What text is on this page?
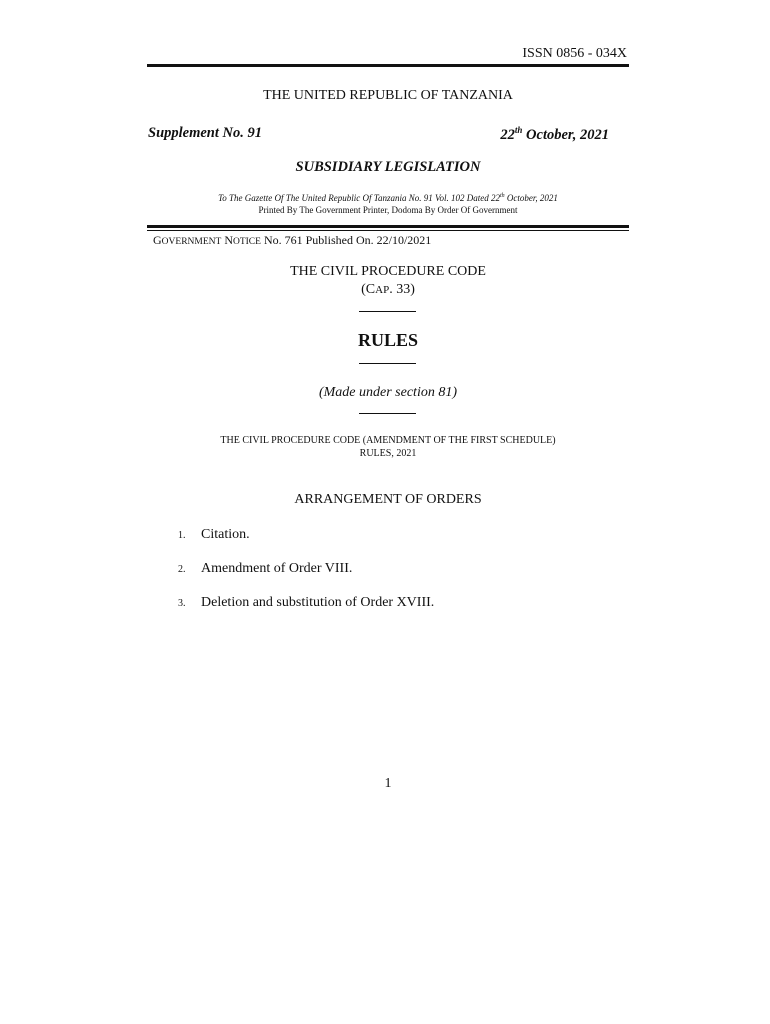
ISSN 0856 - 034X
THE UNITED REPUBLIC OF TANZANIA
Supplement No. 91	22th October, 2021
SUBSIDIARY LEGISLATION
To The Gazette Of The United Republic Of Tanzania No. 91 Vol. 102 Dated 22th October, 2021
Printed By The Government Printer, Dodoma By Order Of Government
GOVERNMENT NOTICE No. 761 Published On. 22/10/2021
THE CIVIL PROCEDURE CODE
(CAP. 33)
RULES
(Made under section 81)
THE CIVIL PROCEDURE CODE (AMENDMENT OF THE FIRST SCHEDULE)
RULES, 2021
ARRANGEMENT OF ORDERS
1. Citation.
2. Amendment of Order VIII.
3. Deletion and substitution of Order XVIII.
1
